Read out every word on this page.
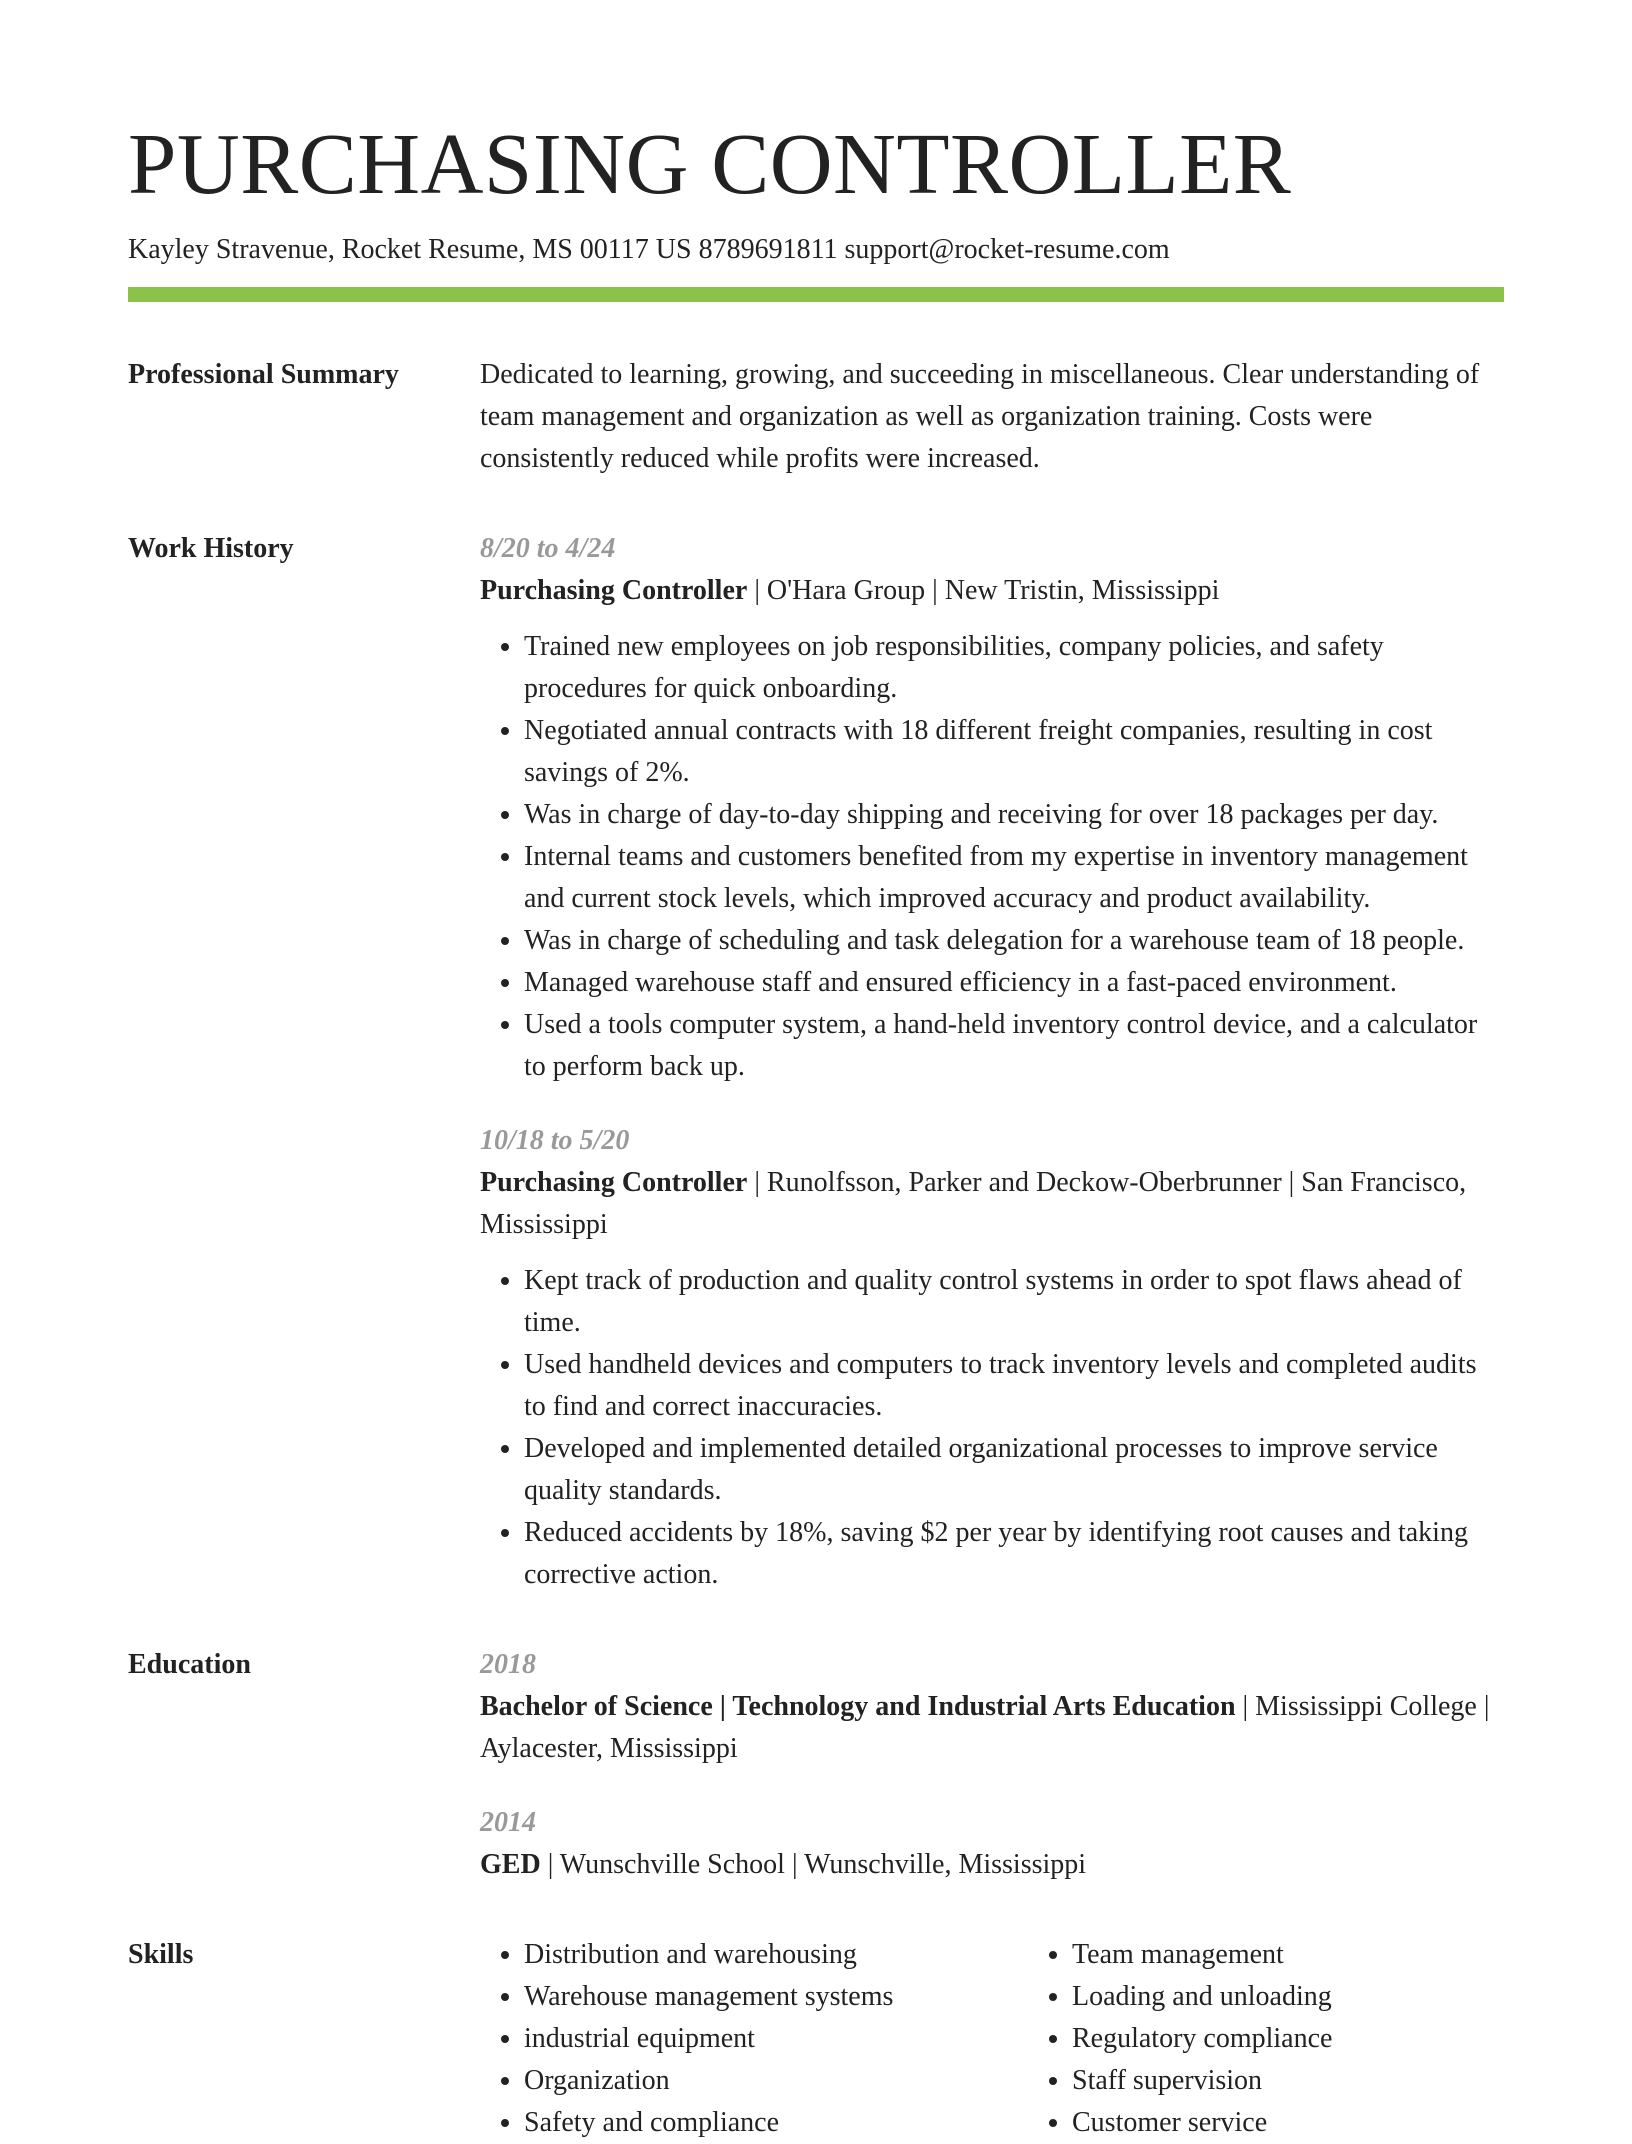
PURCHASING CONTROLLER
Kayley Stravenue, Rocket Resume, MS 00117 US 8789691811 support@rocket-resume.com
Professional Summary	Dedicated to learning, growing, and succeeding in miscellaneous. Clear understanding of team management and organization as well as organization training. Costs were consistently reduced while profits were increased.
Work History	8/20 to 4/24
Purchasing Controller | O'Hara Group | New Tristin, Mississippi
• Trained new employees on job responsibilities, company policies, and safety procedures for quick onboarding.
• Negotiated annual contracts with 18 different freight companies, resulting in cost savings of 2%.
• Was in charge of day-to-day shipping and receiving for over 18 packages per day.
• Internal teams and customers benefited from my expertise in inventory management and current stock levels, which improved accuracy and product availability.
• Was in charge of scheduling and task delegation for a warehouse team of 18 people.
• Managed warehouse staff and ensured efficiency in a fast-paced environment.
• Used a tools computer system, a hand-held inventory control device, and a calculator to perform back up.
10/18 to 5/20
Purchasing Controller | Runolfsson, Parker and Deckow-Oberbrunner | San Francisco, Mississippi
• Kept track of production and quality control systems in order to spot flaws ahead of time.
• Used handheld devices and computers to track inventory levels and completed audits to find and correct inaccuracies.
• Developed and implemented detailed organizational processes to improve service quality standards.
• Reduced accidents by 18%, saving $2 per year by identifying root causes and taking corrective action.
Education	2018
Bachelor of Science | Technology and Industrial Arts Education | Mississippi College | Aylacester, Mississippi
2014
GED | Wunschville School | Wunschville, Mississippi
Skills
•	Distribution and warehousing
• Warehouse management systems
• industrial equipment
• Organization
• Safety and compliance
• Team management
• Loading and unloading
• Regulatory compliance
• Staff supervision
• Customer service
